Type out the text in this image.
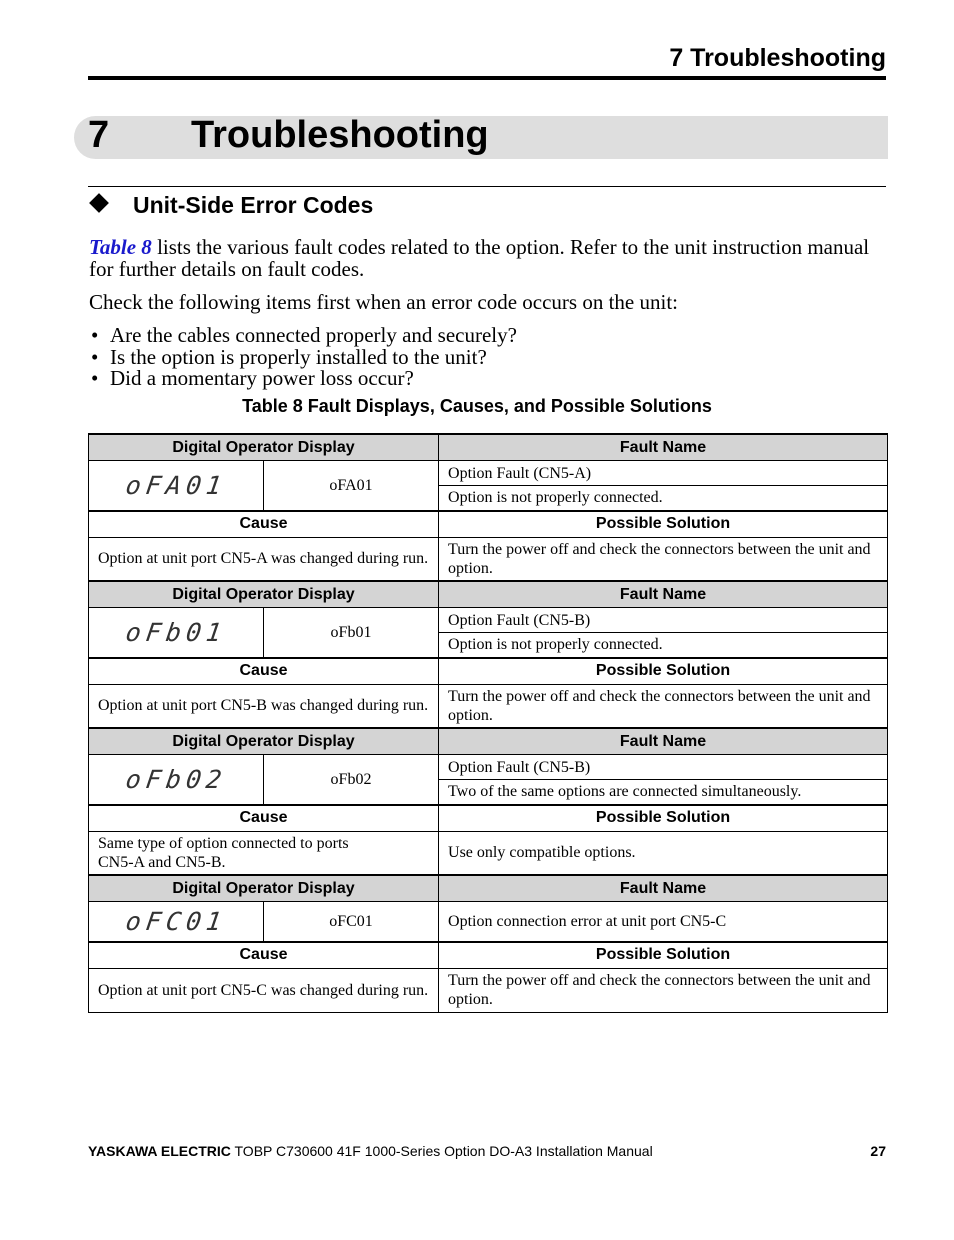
7 Troubleshooting
7 Troubleshooting
Unit-Side Error Codes
Table 8 lists the various fault codes related to the option. Refer to the unit instruction manual for further details on fault codes.
Check the following items first when an error code occurs on the unit:
• Are the cables connected properly and securely?
• Is the option is properly installed to the unit?
• Did a momentary power loss occur?
Table 8 Fault Displays, Causes, and Possible Solutions
Digital Operator Display		Fault Name
oFA01	oFA01	Option Fault (CN5-A)
		Option is not properly connected.
Cause		Possible Solution
Option at unit port CN5-A was changed during run.		Turn the power off and check the connectors between the unit and option.
Digital Operator Display		Fault Name
oFb01	oFb01	Option Fault (CN5-B)
		Option is not properly connected.
Cause		Possible Solution
Option at unit port CN5-B was changed during run.		Turn the power off and check the connectors between the unit and option.
Digital Operator Display		Fault Name
oFb02	oFb02	Option Fault (CN5-B)
		Two of the same options are connected simultaneously.
Cause		Possible Solution
Same type of option connected to ports
CN5-A and CN5-B.		Use only compatible options.
Digital Operator Display		Fault Name
oFC01	oFC01	Option connection error at unit port CN5-C
Cause		Possible Solution
Option at unit port CN5-C was changed during run.		Turn the power off and check the connectors between the unit and option.
YASKAWA ELECTRIC TOBP C730600 41F 1000-Series Option DO-A3 Installation Manual	27
